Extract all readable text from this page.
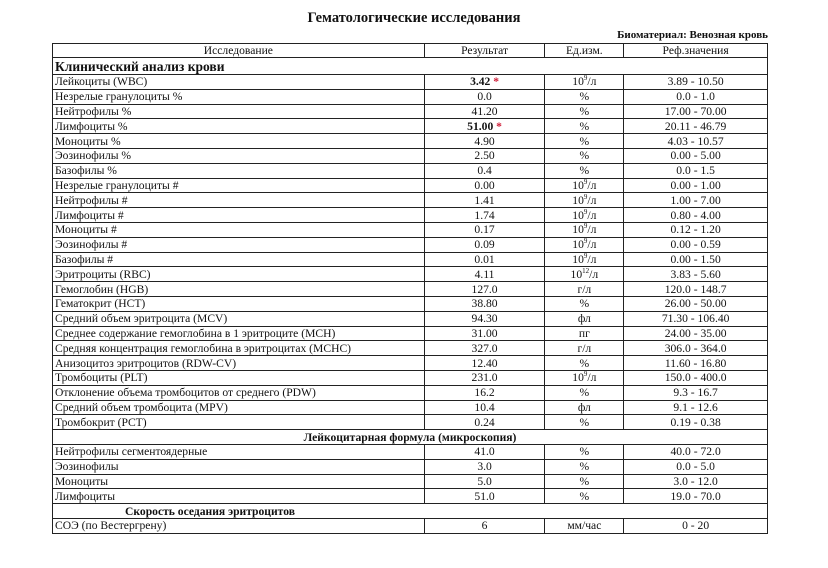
Гематологические исследования
Биоматериал: Венозная кровь
Исследование	Результат	Ед.изм.	Реф.значения
Клинический анализ крови			
Лейкоциты (WBC)	3.42 *	$10^9/л$	3.89 - 10.50
Незрелые гранулоциты %	0.0	%	0.0 - 1.0
Нейтрофилы %	41.20	%	17.00 - 70.00
Лимфоциты %	51.00 *	%	20.11 - 46.79
Моноциты %	4.90	%	4.03 - 10.57
Эозинофилы %	2.50	%	0.00 - 5.00
Базофилы %	0.4	%	0.0 - 1.5
Незрелые гранулоциты #	0.00	$10^9/л$	0.00 - 1.00
Нейтрофилы #	1.41	$10^9/л$	1.00 - 7.00
Лимфоциты #	1.74	$10^9/л$	0.80 - 4.00
Моноциты #	0.17	$10^9/л$	0.12 - 1.20
Эозинофилы #	0.09	$10^9/л$	0.00 - 0.59
Базофилы #	0.01	$10^9/л$	0.00 - 1.50
Эритроциты (RBC)	4.11	$10^{12}/л$	3.83 - 5.60
Гемоглобин (HGB)	127.0	г/л	120.0 - 148.7
Гематокрит (HCT)	38.80	%	26.00 - 50.00
Средний объем эритроцита (MCV)	94.30	фл	71.30 - 106.40
Среднее содержание гемоглобина в 1 эритроците (MCH)	31.00	пг	24.00 - 35.00
Средняя концентрация гемоглобина в эритроцитах (MCHC)	327.0	г/л	306.0 - 364.0
Анизоцитоз эритроцитов (RDW-CV)	12.40	%	11.60 - 16.80
Тромбоциты (PLT)	231.0	$10^9/л$	150.0 - 400.0
Отклонение объема тромбоцитов от среднего (PDW)	16.2	%	9.3 - 16.7
Средний объем тромбоцита (MPV)	10.4	фл	9.1 - 12.6
Тромбокрит (PCT)	0.24	%	0.19 - 0.38
Лейкоцитарная формула (микроскопия)			
Нейтрофилы сегментоядерные	41.0	%	40.0 - 72.0
Эозинофилы	3.0	%	0.0 - 5.0
Моноциты	5.0	%	3.0 - 12.0
Лимфоциты	51.0	%	19.0 - 70.0
Скорость оседания эритроцитов			
СОЭ (по Вестергрену)	6	мм/час	0 - 20
